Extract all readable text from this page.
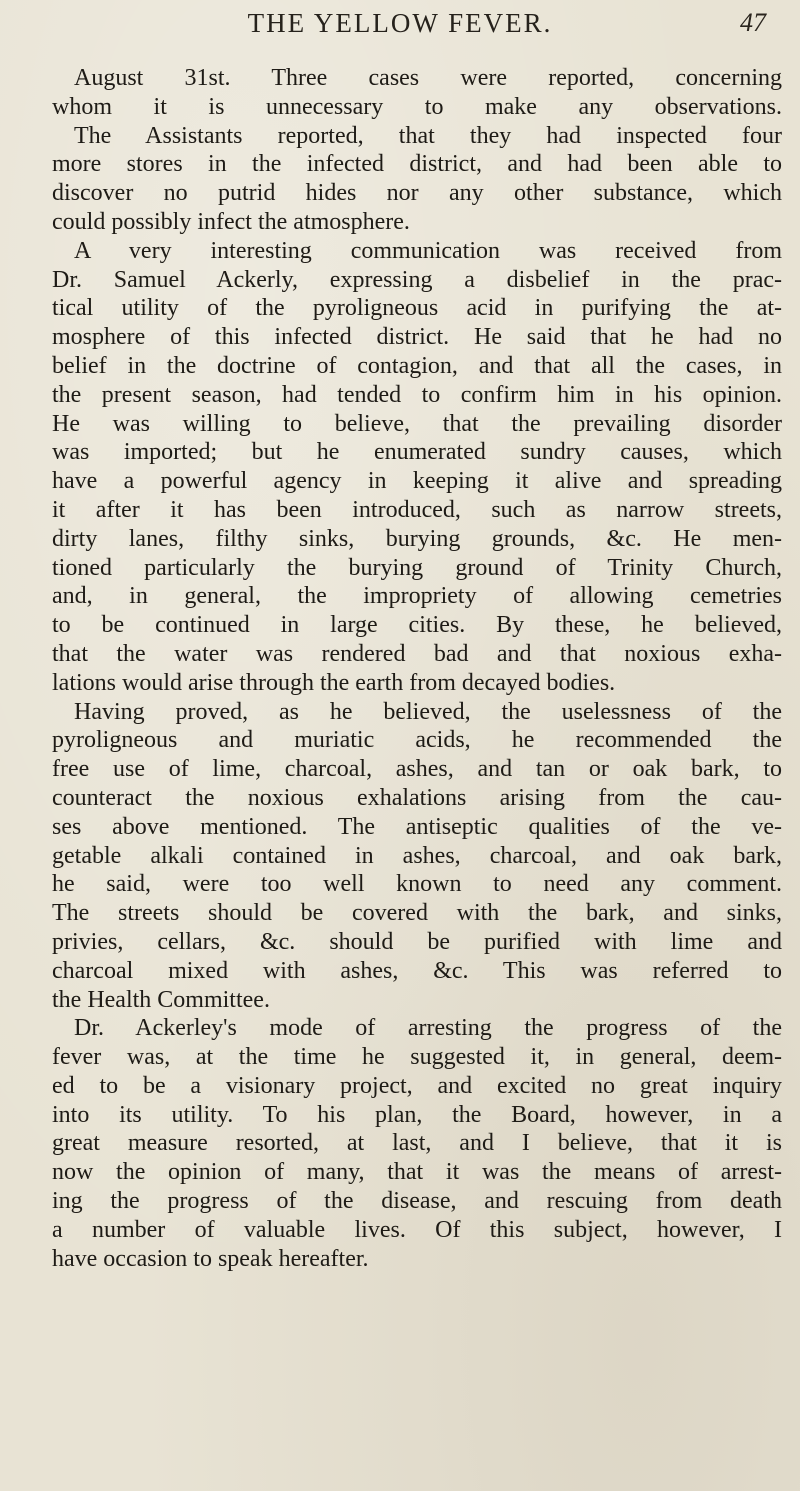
THE YELLOW FEVER.	47
August 31st. Three cases were reported, concerning
whom it is unnecessary to make any observations.
The Assistants reported, that they had inspected four
more stores in the infected district, and had been able to
discover no putrid hides nor any other substance, which
could possibly infect the atmosphere.
A very interesting communication was received from
Dr. Samuel Ackerly, expressing a disbelief in the prac-
tical utility of the pyroligneous acid in purifying the at-
mosphere of this infected district. He said that he had no
belief in the doctrine of contagion, and that all the cases, in
the present season, had tended to confirm him in his opinion.
He was willing to believe, that the prevailing disorder
was imported; but he enumerated sundry causes, which
have a powerful agency in keeping it alive and spreading
it after it has been introduced, such as narrow streets,
dirty lanes, filthy sinks, burying grounds, &c. He men-
tioned particularly the burying ground of Trinity Church,
and, in general, the impropriety of allowing cemetries
to be continued in large cities. By these, he believed,
that the water was rendered bad and that noxious exha-
lations would arise through the earth from decayed bodies.
Having proved, as he believed, the uselessness of the
pyroligneous and muriatic acids, he recommended the
free use of lime, charcoal, ashes, and tan or oak bark, to
counteract the noxious exhalations arising from the cau-
ses above mentioned. The antiseptic qualities of the ve-
getable alkali contained in ashes, charcoal, and oak bark,
he said, were too well known to need any comment.
The streets should be covered with the bark, and sinks,
privies, cellars, &c. should be purified with lime and
charcoal mixed with ashes, &c. This was referred to
the Health Committee.
Dr. Ackerley's mode of arresting the progress of the
fever was, at the time he suggested it, in general, deem-
ed to be a visionary project, and excited no great inquiry
into its utility. To his plan, the Board, however, in a
great measure resorted, at last, and I believe, that it is
now the opinion of many, that it was the means of arrest-
ing the progress of the disease, and rescuing from death
a number of valuable lives. Of this subject, however, I
have occasion to speak hereafter.
